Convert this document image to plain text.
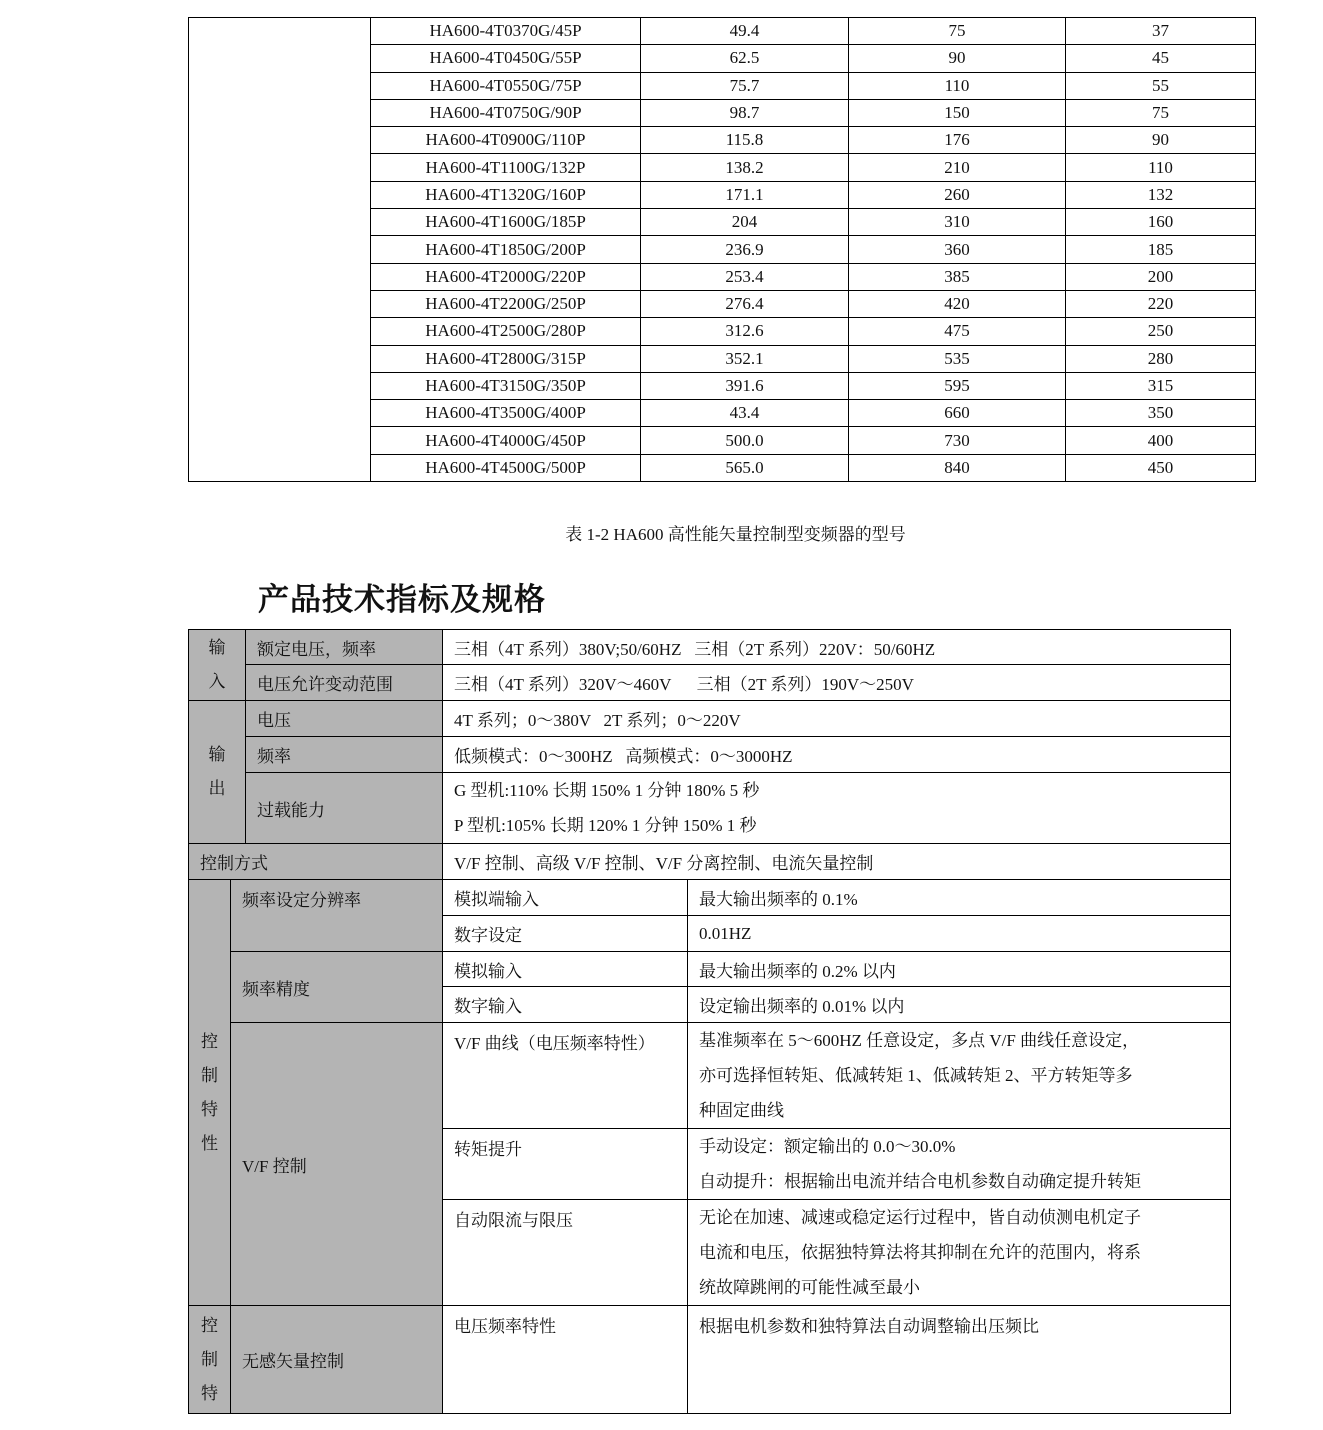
	HA600-4T0370G/45P	49.4	75	37
	HA600-4T0450G/55P	62.5	90	45
	HA600-4T0550G/75P	75.7	110	55
	HA600-4T0750G/90P	98.7	150	75
	HA600-4T0900G/110P	115.8	176	90
	HA600-4T1100G/132P	138.2	210	110
	HA600-4T1320G/160P	171.1	260	132
	HA600-4T1600G/185P	204	310	160
	HA600-4T1850G/200P	236.9	360	185
	HA600-4T2000G/220P	253.4	385	200
	HA600-4T2200G/250P	276.4	420	220
	HA600-4T2500G/280P	312.6	475	250
	HA600-4T2800G/315P	352.1	535	280
	HA600-4T3150G/350P	391.6	595	315
	HA600-4T3500G/400P	43.4	660	350
	HA600-4T4000G/450P	500.0	730	400
	HA600-4T4500G/500P	565.0	840	450
表 1-2 HA600 高性能矢量控制型变频器的型号
产品技术指标及规格
输
入		额定电压，频率	三相（4T 系列）380V;50/60HZ   三相（2T 系列）220V：50/60HZ	
		电压允许变动范围	三相（4T 系列）320V～460V      三相（2T 系列）190V～250V	

输
出		电压	4T 系列；0～380V   2T 系列；0～220V	
		频率	低频模式：0～300HZ   高频模式：0～3000HZ	
		过载能力	G 型机:110% 长期 150% 1 分钟 180% 5 秒
P 型机:105% 长期 120% 1 分钟 150% 1 秒	

控制方式			V/F 控制、高级 V/F 控制、V/F 分离控制、电流矢量控制	

控
制
特
性	频率设定分辨率		模拟端输入	最大输出频率的 0.1%
			数字设定	0.01HZ
	频率精度		模拟输入	最大输出频率的 0.2% 以内
			数字输入	设定输出频率的 0.01% 以内
	V/F 控制		V/F 曲线（电压频率特性）	基准频率在 5～600HZ 任意设定，多点 V/F 曲线任意设定，
亦可选择恒转矩、低减转矩 1、低减转矩 2、平方转矩等多
种固定曲线

			转矩提升	手动设定：额定输出的 0.0～30.0%
自动提升：根据输出电流并结合电机参数自动确定提升转矩

			自动限流与限压	无论在加速、减速或稳定运行过程中，皆自动侦测电机定子
电流和电压，依据独特算法将其抑制在允许的范围内，将系
统故障跳闸的可能性减至最小

控
制
特	无感矢量控制		电压频率特性	根据电机参数和独特算法自动调整输出压频比
